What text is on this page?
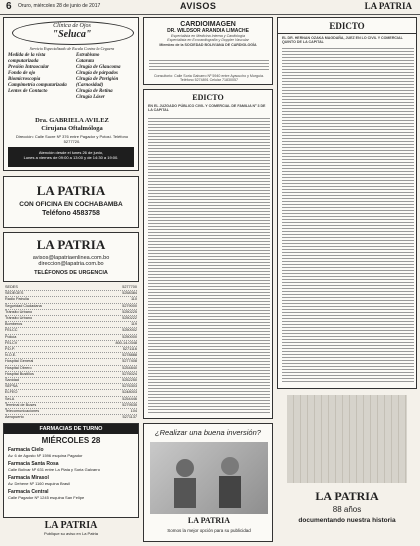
6 Oruro, miércoles 28 de junio de 2017	AVISOS	LA PATRIA
Clínica de Ojos
"Seluca"
Servicio Especializado de Escala Contra la Ceguera
Medida de la vista computarizada
Presión Intraocular
Fondo de ojo
Biomicroscopía
Campimetría computarizada
Lentes de Contacto
Estrabismo
Catarata
Cirugía de Glaucoma
Cirugía de párpados
Cirugía de Pterigión (Carnosidad)
Cirugía de Retina
Cirugía Láser
Dra. GABRIELA AVILEZ
Cirujana Oftalmóloga
Dirección: Calle Sucre Nº 376 entre Pagador y Potosí. Teléfono 5277720.
Atención desde el lunes 26 de junio,
Lunes a viernes de 09:00 a 13:00 y de 14:30 a 19:00.
LA PATRIA
CON OFICINA EN COCHABAMBA
Teléfono 4583758
LA PATRIA
avisos@lapatriaenlinea.com.bo
direccion@lapatria.com.bo
TELÉFONOS DE URGENCIA
SEDES	5277700
SEDEGES	5258384
Radio Patrulla	110
Seguridad Ciudadana	5279000
Tránsito Urbano	5250225
Tránsito Urbano	5250222
Bomberos	119
FELCC	5250002
Policía	5250000
FELCV	800-14-0348
P.D.P.	5271116
N.O.E.	5278888
Hospital General	5277408
Hospital Obrero	5254840
Hospital Bustillos	5276024
Sanidad	5252250
SEPSA	5276303
ELFEO	5248003
SeLA	5254446
Terminal de Buses	5279535
Telecomunicaciones	104
Aeropuerto	5271137
FARMACIAS DE TURNO
MIÉRCOLES 28
Farmacia Cielo
Av. 6 de Agosto Nº 1596 esquina Pagador
Farmacia Santa Rosa
Calle Bolívar Nº 631 entre La Plata y Soria Galvarro
Farmacia Mirasol
Av. Dehene Nº 1160 esquina Brasil
Farmacia Central
Calle Pagador Nº 1245 esquina San Felipe
LA PATRIA
Publique su aviso en La Patria
CARDIOIMAGEN
DR. WILDSOR ARANDIA LIMACHE
Especialista en Medicina Interna y Cardiología
Especialista en Ecocardiografía y Doppler Vascular
Miembro de la SOCIEDAD BOLIVIANA DE CARDIOLOGÍA
Consultorio: Calle Soria Galvarro Nº 5940 entre Ayacucho y Murguía. Teléfono 5274891 Celular 71830057
EDICTO
EN EL JUZGADO PÚBLICO CIVIL Y COMERCIAL DE FAMILIA Nº 3 DE LA CAPITAL
¿Realizar una buena inversión?
LA PATRIA
Somos la mejor opción para su publicidad
EDICTO
EL DR. HERNAN OZAKA MAGDAÑA, JUEZ EN LO CIVIL Y COMERCIAL QUINTO DE LA CAPITAL
LA PATRIA
88 años
documentando nuestra historia
